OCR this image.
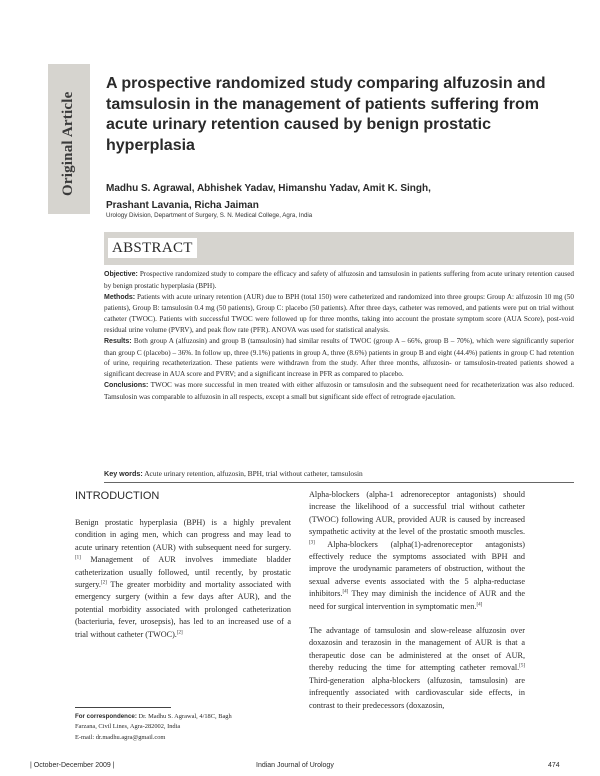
Original Article
A prospective randomized study comparing alfuzosin and tamsulosin in the management of patients suffering from acute urinary retention caused by benign prostatic hyperplasia
Madhu S. Agrawal, Abhishek Yadav, Himanshu Yadav, Amit K. Singh,
Prashant Lavania, Richa Jaiman
Urology Division, Department of Surgery, S. N. Medical College, Agra, India
ABSTRACT
Objective: Prospective randomized study to compare the efficacy and safety of alfuzosin and tamsulosin in patients suffering from acute urinary retention caused by benign prostatic hyperplasia (BPH).
Methods: Patients with acute urinary retention (AUR) due to BPH (total 150) were catheterized and randomized into three groups: Group A: alfuzosin 10 mg (50 patients), Group B: tamsulosin 0.4 mg (50 patients), Group C: placebo (50 patients). After three days, catheter was removed, and patients were put on trial without catheter (TWOC). Patients with successful TWOC were followed up for three months, taking into account the prostate symptom score (AUA Score), post-void residual urine volume (PVRV), and peak flow rate (PFR). ANOVA was used for statistical analysis.
Results: Both group A (alfuzosin) and group B (tamsulosin) had similar results of TWOC (group A – 66%, group B – 70%), which were significantly superior than group C (placebo) – 36%. In follow up, three (9.1%) patients in group A, three (8.6%) patients in group B and eight (44.4%) patients in group C had retention of urine, requiring recatheterization. These patients were withdrawn from the study. After three months, alfuzosin- or tamsulosin-treated patients showed a significant decrease in AUA score and PVRV; and a significant increase in PFR as compared to placebo.
Conclusions: TWOC was more successful in men treated with either alfuzosin or tamsulosin and the subsequent need for recatheterization was also reduced. Tamsulosin was comparable to alfuzosin in all respects, except a small but significant side effect of retrograde ejaculation.
Key words: Acute urinary retention, alfuzosin, BPH, trial without catheter, tamsulosin
INTRODUCTION

Benign prostatic hyperplasia (BPH) is a highly prevalent condition in aging men, which can progress and may lead to acute urinary retention (AUR) with subsequent need for surgery.[1] Management of AUR involves immediate bladder catheterization usually followed, until recently, by prostatic surgery.[2] The greater morbidity and mortality associated with emergency surgery (within a few days after AUR), and the potential morbidity associated with prolonged catheterization (bacteriuria, fever, urosepsis), has led to an increased use of a trial without catheter (TWOC).[2]

Alpha-blockers (alpha-1 adrenoreceptor antagonists) should increase the likelihood of a successful trial without catheter (TWOC) following AUR, provided AUR is caused by increased sympathetic activity at the level of the prostatic smooth muscles.[3] Alpha-blockers (alpha(1)-adrenoreceptor antagonists) effectively reduce the symptoms associated with BPH and improve the urodynamic parameters of obstruction, without the sexual adverse events associated with the 5 alpha-reductase inhibitors.[4] They may diminish the incidence of AUR and the need for surgical intervention in symptomatic men.[4]

The advantage of tamsulosin and slow-release alfuzosin over doxazosin and terazosin in the management of AUR is that a therapeutic dose can be administered at the onset of AUR, thereby reducing the time for attempting catheter removal.[5] Third-generation alpha-blockers (alfuzosin, tamsulosin) are infrequently associated with cardiovascular side effects, in contrast to their predecessors (doxazosin,

For correspondence: Dr. Madhu S. Agrawal, 4/18C, Bagh
Farzana, Civil Lines, Agra-282002, India
E-mail: dr.madhu.agra@gmail.com
| October-December 2009 |	Indian Journal of Urology	474
